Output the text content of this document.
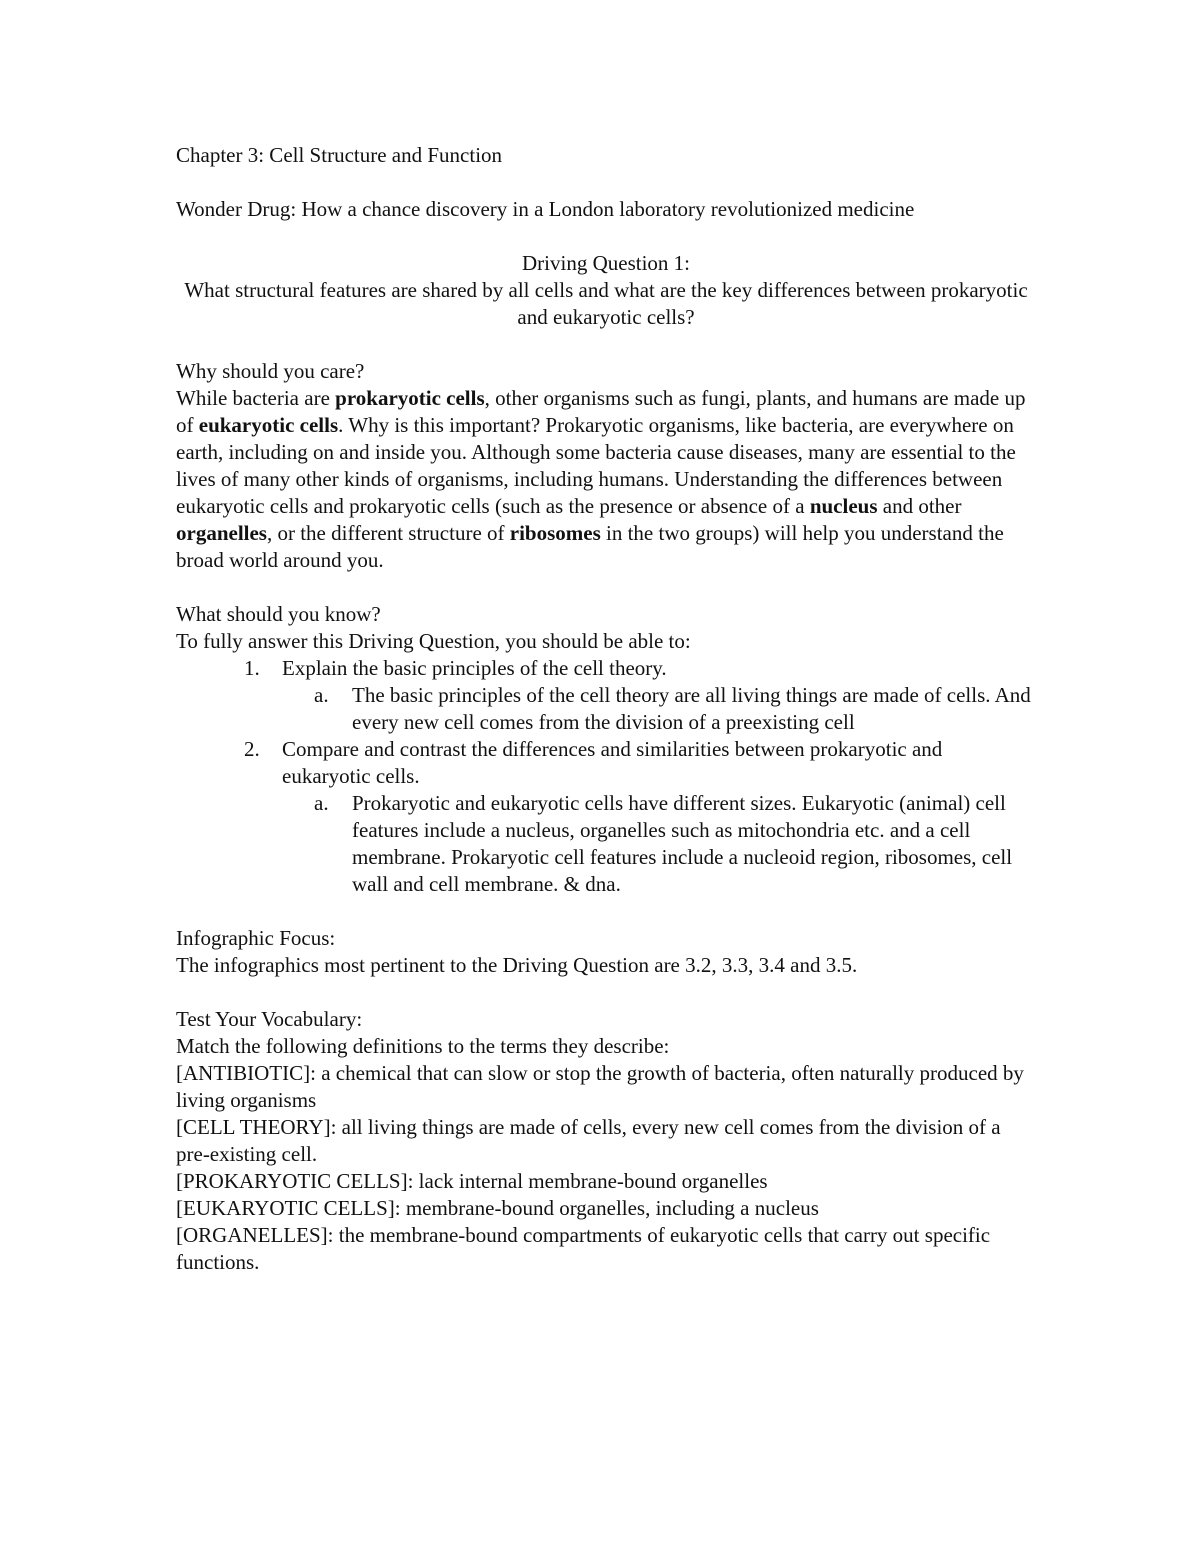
Chapter 3: Cell Structure and Function

Wonder Drug: How a chance discovery in a London laboratory revolutionized medicine

Driving Question 1:

What structural features are shared by all cells and what are the key differences between prokaryotic and eukaryotic cells?

Why should you care?

While bacteria are prokaryotic cells, other organisms such as fungi, plants, and humans are made up of eukaryotic cells. Why is this important? Prokaryotic organisms, like bacteria, are everywhere on earth, including on and inside you. Although some bacteria cause diseases, many are essential to the lives of many other kinds of organisms, including humans. Understanding the differences between eukaryotic cells and prokaryotic cells (such as the presence or absence of a nucleus and other organelles, or the different structure of ribosomes in the two groups) will help you understand the broad world around you.

What should you know?

To fully answer this Driving Question, you should be able to:

1.	Explain the basic principles of the cell theory.
a.	The basic principles of the cell theory are all living things are made of cells. And every new cell comes from the division of a preexisting cell
2.	Compare and contrast the differences and similarities between prokaryotic and eukaryotic cells.
a.	Prokaryotic and eukaryotic cells have different sizes. Eukaryotic (animal) cell features include a nucleus, organelles such as mitochondria etc. and a cell membrane. Prokaryotic cell features include a nucleoid region, ribosomes, cell wall and cell membrane. & dna.

Infographic Focus:

The infographics most pertinent to the Driving Question are 3.2, 3.3, 3.4 and 3.5.

Test Your Vocabulary:

Match the following definitions to the terms they describe:

[ANTIBIOTIC]: a chemical that can slow or stop the growth of bacteria, often naturally produced by living organisms

[CELL THEORY]: all living things are made of cells, every new cell comes from the division of a pre-existing cell.

[PROKARYOTIC CELLS]: lack internal membrane-bound organelles

[EUKARYOTIC CELLS]: membrane-bound organelles, including a nucleus

[ORGANELLES]: the membrane-bound compartments of eukaryotic cells that carry out specific functions.
